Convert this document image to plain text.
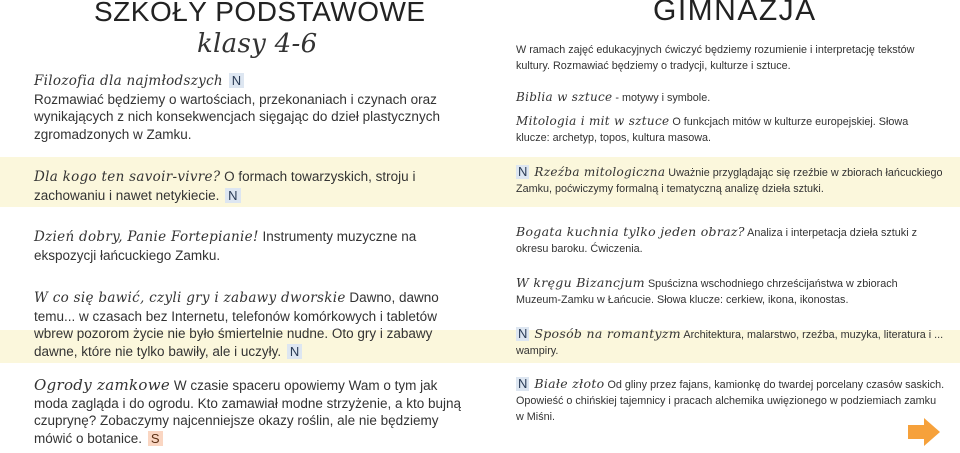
SZKOŁY PODSTAWOWE
klasy 4-6
Filozofia dla najmłodszych N
Rozmawiać będziemy o wartościach, przekonaniach i czynach oraz wynikających z nich konsekwencjach sięgając do dzieł plastycznych zgromadzonych w Zamku.
Dla kogo ten savoir-vivre? O formach towarzyskich, stroju i zachowaniu i nawet netykiecie. N
Dzień dobry, Panie Fortepianie! Instrumenty muzyczne na ekspozycji łańcuckiego Zamku.
W co się bawić, czyli gry i zabawy dworskie Dawno, dawno temu... w czasach bez Internetu, telefonów komórkowych i tabletów wbrew pozorom życie nie było śmiertelnie nudne. Oto gry i zabawy dawne, które nie tylko bawiły, ale i uczyły. N
Ogrody zamkowe W czasie spaceru opowiemy Wam o tym jak moda zagląda i do ogrodu. Kto zamawiał modne strzyżenie, a kto bujną czuprynę? Zobaczymy najcenniejsze okazy roślin, ale nie będziemy mówić o botanice. S
GIMNAZJA
W ramach zajęć edukacyjnych ćwiczyć będziemy rozumienie i interpretację tekstów kultury. Rozmawiać będziemy o tradycji, kulturze i sztuce.
Biblia w sztuce - motywy i symbole.
Mitologia i mit w sztuce O funkcjach mitów w kulturze europejskiej. Słowa klucze: archetyp, topos, kultura masowa.
N Rzeźba mitologiczna Uważnie przyglądając się rzeźbie w zbiorach łańcuckiego Zamku, poćwiczymy formalną i tematyczną analizę dzieła sztuki.
Bogata kuchnia tylko jeden obraz? Analiza i interpetacja dzieła sztuki z okresu baroku. Ćwiczenia.
W kręgu Bizancjum Spuścizna wschodniego chrześcijaństwa w zbiorach Muzeum-Zamku w Łańcucie. Słowa klucze: cerkiew, ikona, ikonostas.
N Sposób na romantyzm Architektura, malarstwo, rzeźba, muzyka, literatura i ... wampiry.
N Białe złoto Od gliny przez fajans, kamionkę do twardej porcelany czasów saskich. Opowieść o chińskiej tajemnicy i pracach alchemika uwięzionego w podziemiach zamku w Miśni.
